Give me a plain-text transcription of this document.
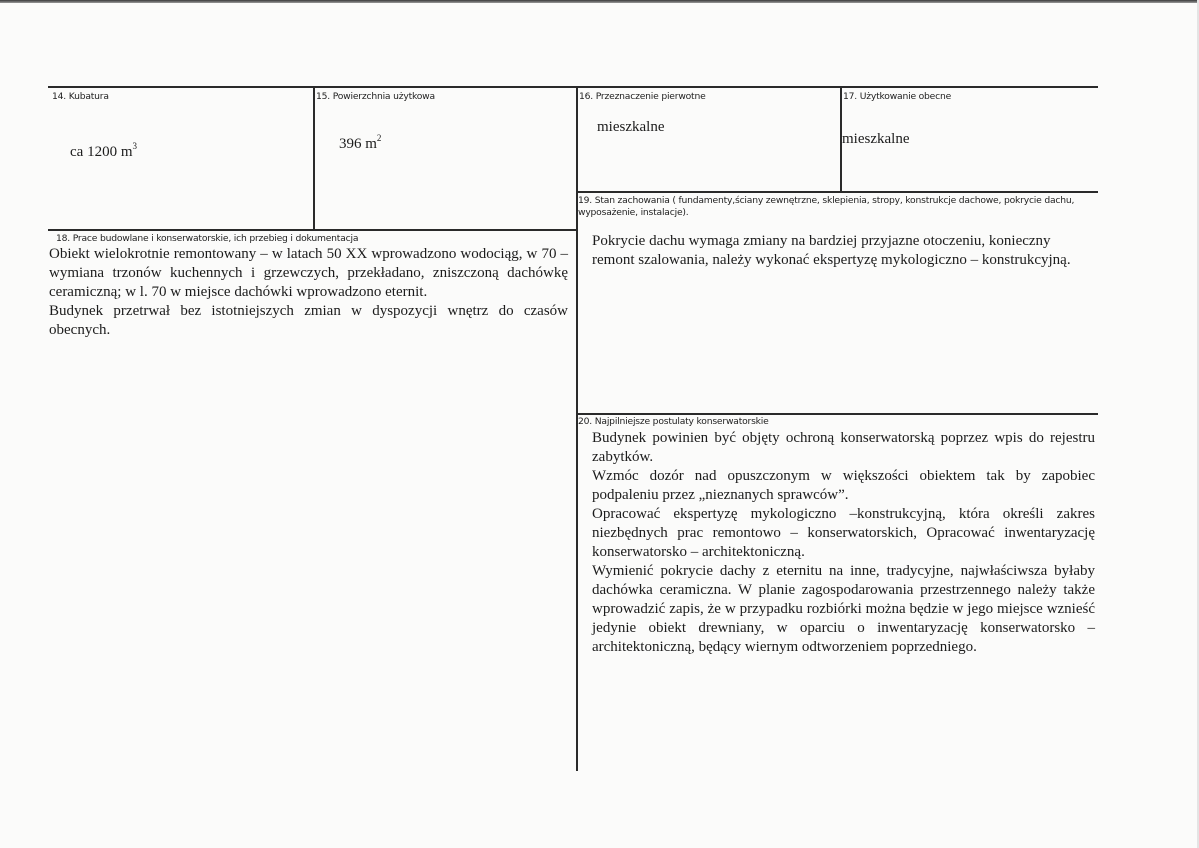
14. Kubatura
ca 1200 $m^3$
15. Powierzchnia użytkowa
396 $m^2$
16. Przeznaczenie pierwotne
mieszkalne
17. Użytkowanie obecne
mieszkalne
19. Stan zachowania ( fundamenty,ściany zewnętrzne, sklepienia, stropy, konstrukcje dachowe, pokrycie dachu, wyposażenie, instalacje).

Pokrycie dachu wymaga zmiany na bardziej przyjazne otoczeniu, konieczny remont szalowania, należy wykonać ekspertyzę mykologiczno – konstrukcyjną.

18. Prace budowlane i konserwatorskie, ich przebieg i dokumentacja

Obiekt wielokrotnie remontowany – w latach 50 XX wprowadzono wodociąg, w 70 – wymiana trzonów kuchennych i grzewczych, przekładano, zniszczoną dachówkę ceramiczną; w l. 70 w miejsce dachówki wprowadzono eternit.

Budynek przetrwał bez istotniejszych zmian w dyspozycji wnętrz do czasów obecnych.

20. Najpilniejsze postulaty konserwatorskie

Budynek powinien być objęty ochroną konserwatorską poprzez wpis do rejestru zabytków.

Wzmóc dozór nad opuszczonym w większości obiektem tak by zapobiec podpaleniu przez „nieznanych sprawców”.

Opracować ekspertyzę mykologiczno –konstrukcyjną, która określi zakres niezbędnych prac remontowo – konserwatorskich, Opracować inwentaryzację konserwatorsko – architektoniczną.

Wymienić pokrycie dachy z eternitu na inne, tradycyjne, najwłaściwsza byłaby dachówka ceramiczna. W planie zagospodarowania przestrzennego należy także wprowadzić zapis, że w przypadku rozbiórki można będzie w jego miejsce wznieść jedynie obiekt drewniany, w oparciu o inwentaryzację konserwatorsko – architektoniczną, będący wiernym odtworzeniem poprzedniego.
